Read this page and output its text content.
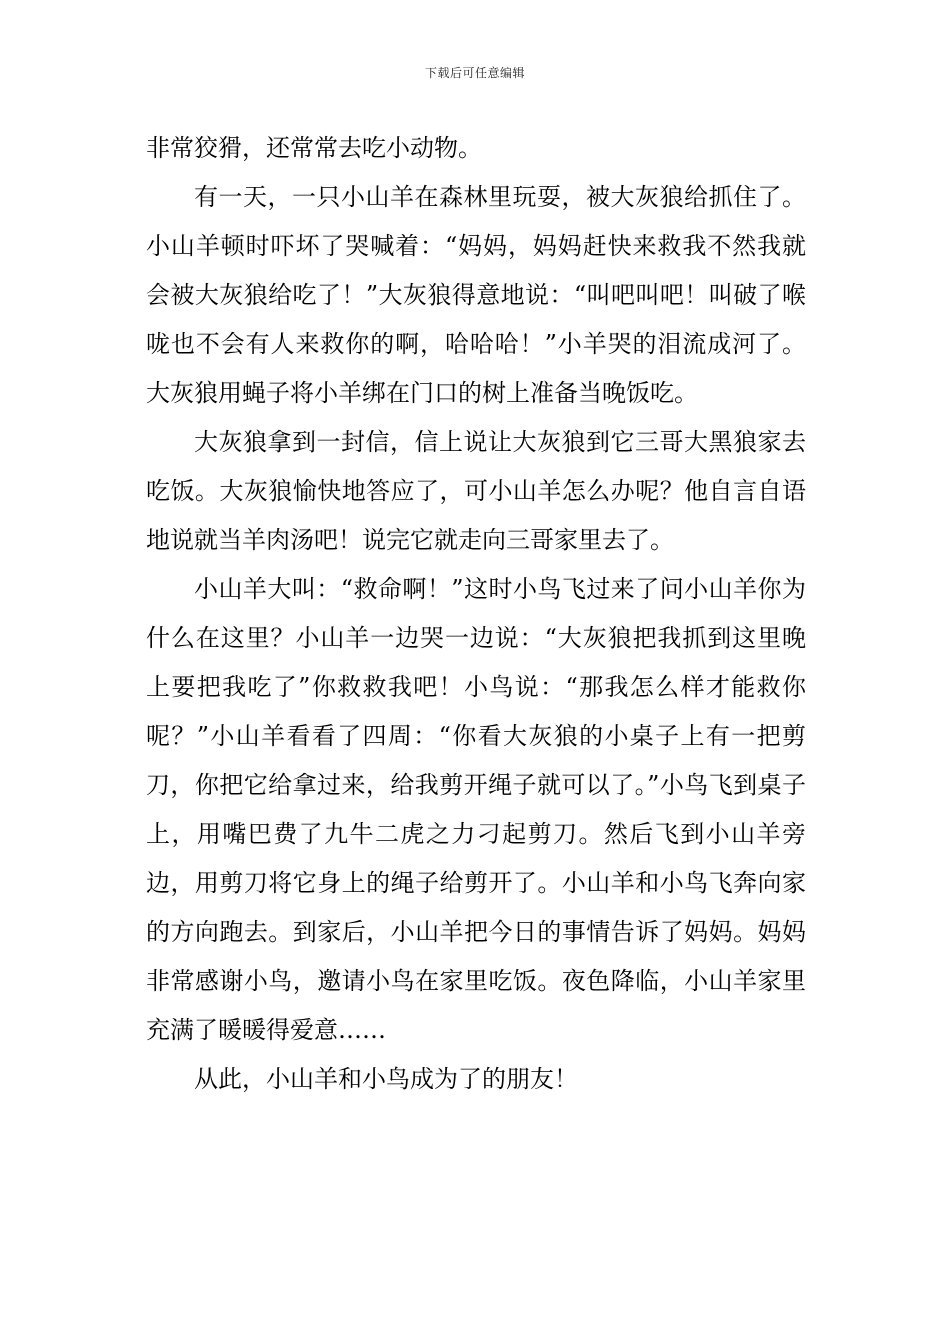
下载后可任意编辑

非常狡猾，还常常去吃小动物。

有一天，一只小山羊在森林里玩耍，被大灰狼给抓住了。小山羊顿时吓坏了哭喊着：“妈妈，妈妈赶快来救我不然我就会被大灰狼给吃了！”大灰狼得意地说：“叫吧叫吧！叫破了喉咙也不会有人来救你的啊，哈哈哈！”小羊哭的泪流成河了。大灰狼用蝇子将小羊绑在门口的树上准备当晚饭吃。

大灰狼拿到一封信，信上说让大灰狼到它三哥大黑狼家去吃饭。大灰狼愉快地答应了，可小山羊怎么办呢？他自言自语地说就当羊肉汤吧！说完它就走向三哥家里去了。

小山羊大叫：“救命啊！”这时小鸟飞过来了问小山羊你为什么在这里？小山羊一边哭一边说：“大灰狼把我抓到这里晚上要把我吃了”你救救我吧！小鸟说：“那我怎么样才能救你呢？”小山羊看看了四周：“你看大灰狼的小桌子上有一把剪刀，你把它给拿过来，给我剪开绳子就可以了。”小鸟飞到桌子上，用嘴巴费了九牛二虎之力刁起剪刀。然后飞到小山羊旁边，用剪刀将它身上的绳子给剪开了。小山羊和小鸟飞奔向家的方向跑去。到家后，小山羊把今日的事情告诉了妈妈。妈妈非常感谢小鸟，邀请小鸟在家里吃饭。夜色降临，小山羊家里充满了暖暖得爱意……

从此，小山羊和小鸟成为了的朋友！
